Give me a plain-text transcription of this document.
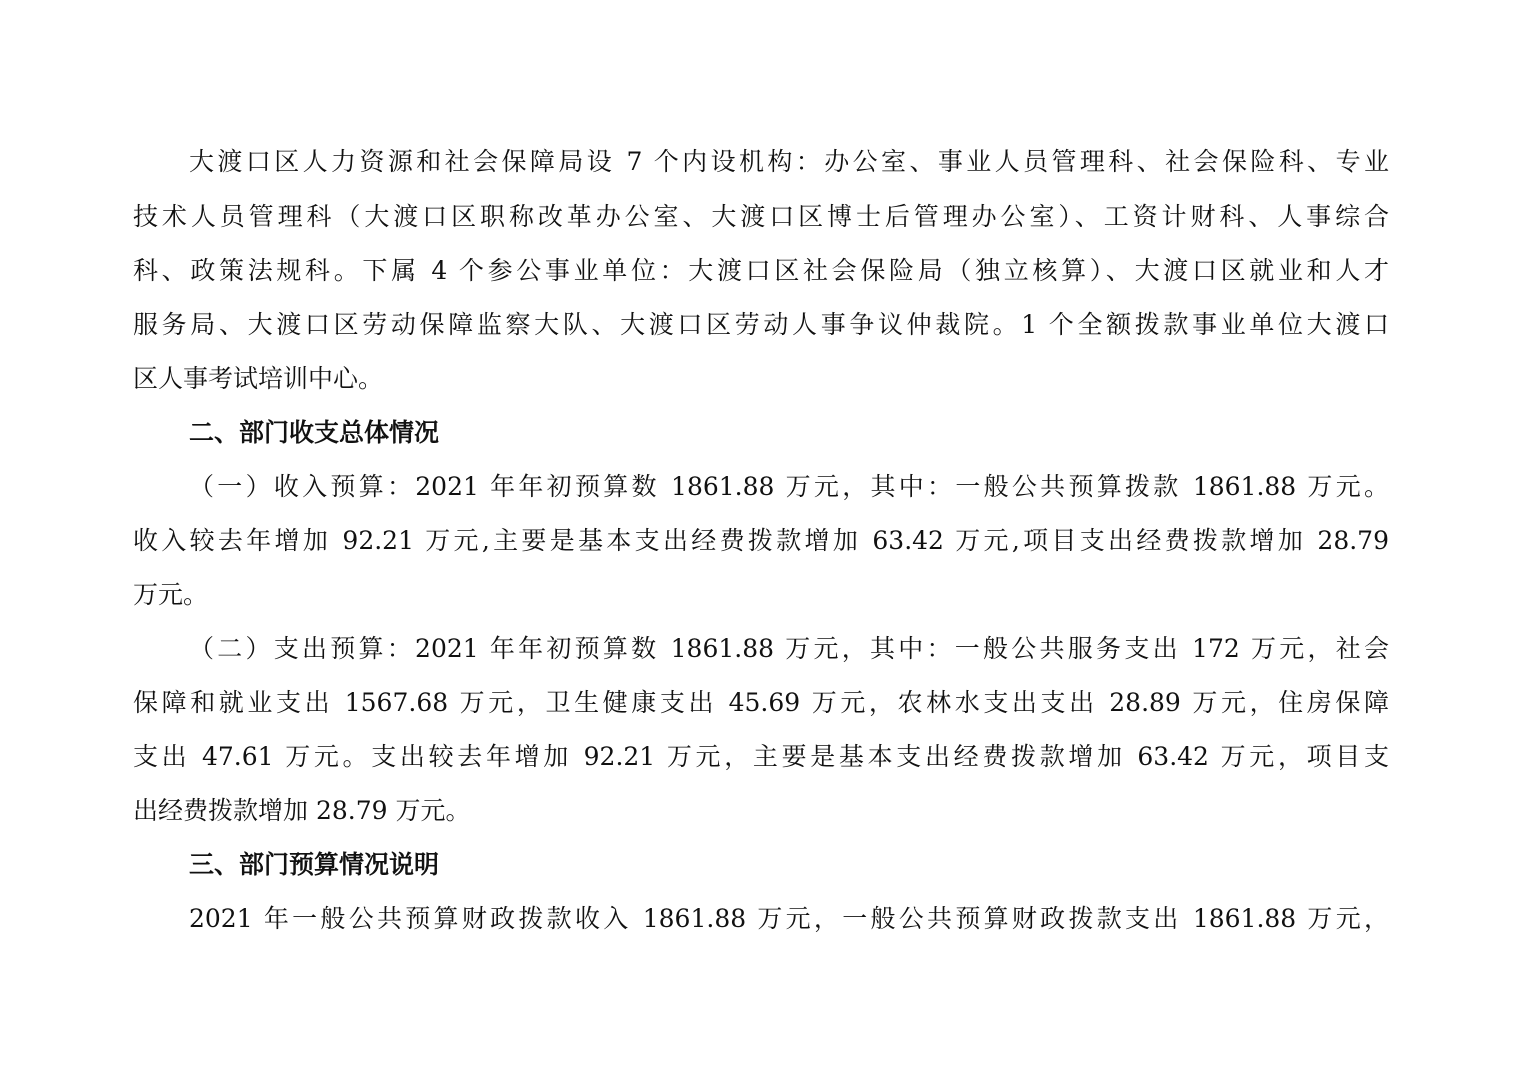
大渡口区人力资源和社会保障局设 7 个内设机构：办公室、事业人员管理科、社会保险科、专业
技术人员管理科（大渡口区职称改革办公室、大渡口区博士后管理办公室）、工资计财科、人事综合
科、政策法规科。下属 4 个参公事业单位：大渡口区社会保险局（独立核算）、大渡口区就业和人才
服务局、大渡口区劳动保障监察大队、大渡口区劳动人事争议仲裁院。1 个全额拨款事业单位大渡口
区人事考试培训中心。
二、部门收支总体情况
（一）收入预算：2021 年年初预算数 1861.88 万元，其中：一般公共预算拨款 1861.88 万元。
收入较去年增加 92.21 万元,主要是基本支出经费拨款增加 63.42 万元,项目支出经费拨款增加 28.79
万元。
（二）支出预算：2021 年年初预算数 1861.88 万元，其中：一般公共服务支出 172 万元，社会
保障和就业支出 1567.68 万元，卫生健康支出 45.69 万元，农林水支出支出 28.89 万元，住房保障
支出 47.61 万元。支出较去年增加 92.21 万元，主要是基本支出经费拨款增加 63.42 万元，项目支
出经费拨款增加 28.79 万元。
三、部门预算情况说明
2021 年一般公共预算财政拨款收入 1861.88 万元，一般公共预算财政拨款支出 1861.88 万元，
